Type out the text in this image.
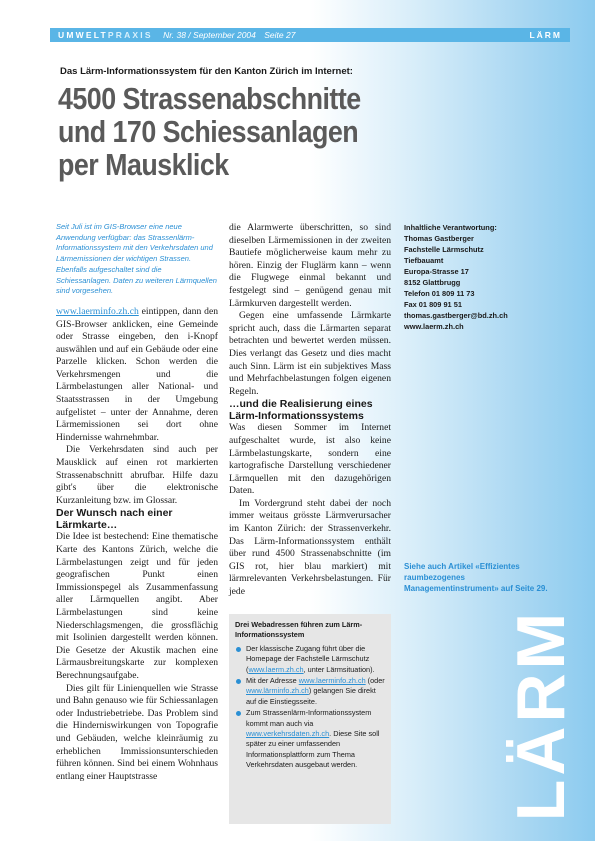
UMWELTPRAXIS Nr. 38 / September 2004 Seite 27	LÄRM
Das Lärm-Informationssystem für den Kanton Zürich im Internet:
4500 Strassenabschnitte
und 170 Schiessanlagen
per Mausklick

Seit Juli ist im GIS-Browser eine neue Anwendung verfügbar: das Strassenlärm-Informationssystem mit den Verkehrsdaten und Lärmemissionen der wichtigen Strassen. Ebenfalls aufgeschaltet sind die Schiessanlagen. Daten zu weiteren Lärmquellen sind vorgesehen.

www.laerminfo.zh.ch eintippen, dann den GIS-Browser anklicken, eine Gemeinde oder Strasse eingeben, den i-Knopf auswählen und auf ein Gebäude oder eine Parzelle klicken. Schon werden die Verkehrsmengen und die Lärmbelastungen aller National- und Staatsstrassen in der Umgebung aufgelistet – unter der Annahme, deren Lärmemissionen sei dort ohne Hindernisse wahrnehmbar.

Die Verkehrsdaten sind auch per Mausklick auf einen rot markierten Strassenabschnitt abrufbar. Hilfe dazu gibt's über die elektronische Kurzanleitung bzw. im Glossar.

Der Wunsch nach einer Lärmkarte…

Die Idee ist bestechend: Eine thematische Karte des Kantons Zürich, welche die Lärmbelastungen zeigt und für jeden geografischen Punkt einen Immissionspegel als Zusammenfassung aller Lärmquellen angibt. Aber Lärmbelastungen sind keine Niederschlagsmengen, die grossflächig mit Isolinien dargestellt werden können. Die Gesetze der Akustik machen eine Lärmausbreitungskarte zur komplexen Berechnungsaufgabe.

Dies gilt für Linienquellen wie Strasse und Bahn genauso wie für Schiessanlagen oder Industriebetriebe. Das Problem sind die Hinderniswirkungen von Topografie und Gebäuden, welche kleinräumig zu erheblichen Immissionsunterschieden führen können. Sind bei einem Wohnhaus entlang einer Hauptstrasse

die Alarmwerte überschritten, so sind dieselben Lärmemissionen in der zweiten Bautiefe möglicherweise kaum mehr zu hören. Einzig der Fluglärm kann – wenn die Flugwege einmal bekannt und festgelegt sind – genügend genau mit Lärmkurven dargestellt werden.

Gegen eine umfassende Lärmkarte spricht auch, dass die Lärmarten separat betrachten und bewertet werden müssen. Dies verlangt das Gesetz und dies macht auch Sinn. Lärm ist ein subjektives Mass und Mehrfachbelastungen folgen eigenen Regeln.

…und die Realisierung eines Lärm-Informationssystems

Was diesen Sommer im Internet aufgeschaltet wurde, ist also keine Lärmbelastungskarte, sondern eine kartografische Darstellung verschiedener Lärmquellen mit den dazugehörigen Daten.

Im Vordergrund steht dabei der noch immer weitaus grösste Lärmverursacher im Kanton Zürich: der Strassenverkehr. Das Lärm-Informationssystem enthält über rund 4500 Strassenabschnitte (im GIS rot, hier blau markiert) mit lärmrelevanten Verkehrsbelastungen. Für jede

Inhaltliche Verantwortung:
Thomas Gastberger
Fachstelle Lärmschutz
Tiefbauamt
Europa-Strasse 17
8152 Glattbrugg
Telefon 01 809 11 73
Fax 01 809 91 51
thomas.gastberger@bd.zh.ch
www.laerm.zh.ch
Siehe auch Artikel «Effizientes raumbezogenes Managementinstrument» auf Seite 29.
Drei Webadressen führen zum Lärm-Informationssystem
Der klassische Zugang führt über die Homepage der Fachstelle Lärmschutz (www.laerm.zh.ch, unter Lärmsituation).
Mit der Adresse www.laerminfo.zh.ch (oder www.lärminfo.zh.ch) gelangen Sie direkt auf die Einstiegsseite.
Zum Strassenlärm-Informationssystem kommt man auch via www.verkehrsdaten.zh.ch. Diese Site soll später zu einer umfassenden Informationsplattform zum Thema Verkehrsdaten ausgebaut werden.	LÄRM
